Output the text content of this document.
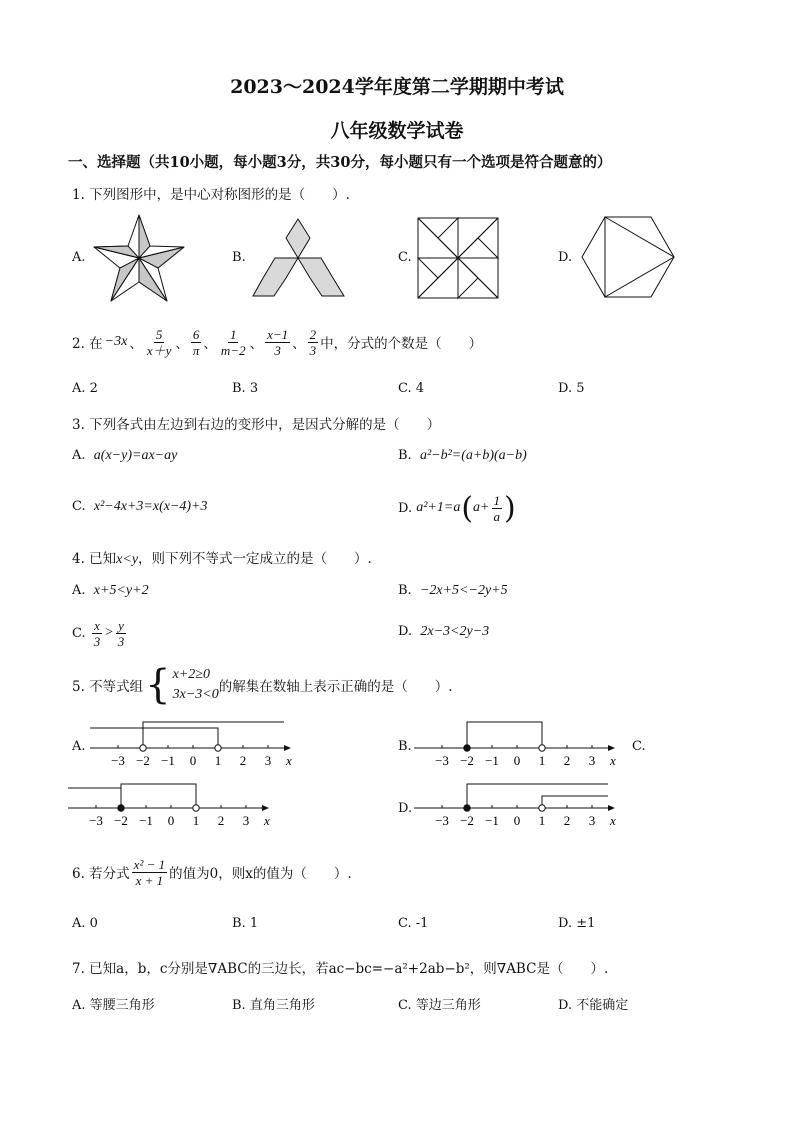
2023～2024学年度第二学期期中考试
八年级数学试卷
一、选择题（共10小题，每小题3分，共30分，每小题只有一个选项是符合题意的）
1. 下列图形中，是中心对称图形的是（　　）.
A.	B.	C.	D.
2. 在 −3x 、 $\frac{5}{x+y}$ 、 $\frac{6}{\pi}$ 、 $\frac{1}{m-2}$ 、 $\frac{x-1}{3}$ 、 $\frac{2}{3}$ 中，分式的个数是（　　）
A. 2	B. 3	C. 4	D. 5
3. 下列各式由左边到右边的变形中，是因式分解的是（　　）
A. a(x−y)=ax−ay	B. a²−b²=(a+b)(a−b)
C. x²−4x+3=x(x−4)+3	D.
a²+1=a ( $a+ \frac{1}{a}$ )
4. 已知x<y，则下列不等式一定成立的是（　　）.
A. x+5<y+2	B. −2x+5<−2y+5
C.
$\frac{x}{3} > \frac{y}{3}$	D. 2x−3<2y−3
5. 不等式组 { x+2≥0
3x−3<0 的解集在数轴上表示正确的是（　　）.
A.
−3 −2 −1 0 1 2 3 x
B.
−3 −2 −1 0 1 2 3 x
C.
−3 −2 −1 0 1 2 3 x
D.
−3 −2 −1 0 1 2 3 x
6. 若分式 $\frac{\text{x² − 1}}{x + 1}$ 的值为0，则x的值为（　　）.
A. 0	B. 1	C. -1	D. ±1
7. 已知a，b，c分别是∇ABC的三边长，若ac−bc=−a²+2ab−b²，则∇ABC是（　　）.
A. 等腰三角形	B. 直角三角形	C. 等边三角形	D. 不能确定
